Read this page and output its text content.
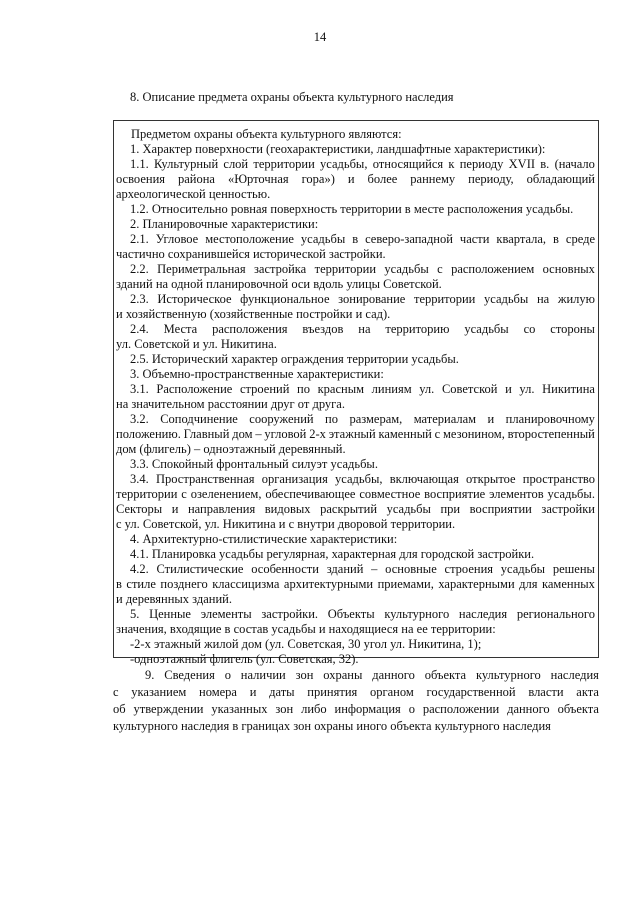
14
8. Описание предмета охраны объекта культурного наследия
Предметом охраны объекта культурного являются:
1. Характер поверхности (геохарактеристики, ландшафтные характеристики):
1.1. Культурный слой территории усадьбы, относящийся к периоду XVII в. (начало
освоения района «Юрточная гора») и более раннему периоду, обладающий
археологической ценностью.
1.2. Относительно ровная поверхность территории в месте расположения усадьбы.
2. Планировочные характеристики:
2.1. Угловое местоположение усадьбы в северо-западной части квартала, в среде
частично сохранившейся исторической застройки.
2.2. Периметральная застройка территории усадьбы с расположением основных
зданий на одной планировочной оси вдоль улицы Советской.
2.3. Историческое функциональное зонирование территории усадьбы на жилую
и хозяйственную (хозяйственные постройки и сад).
2.4. Места расположения въездов на территорию усадьбы со стороны
ул. Советской и ул. Никитина.
2.5. Исторический характер ограждения территории усадьбы.
3. Объемно-пространственные характеристики:
3.1. Расположение строений по красным линиям ул. Советской и ул. Никитина
на значительном расстоянии друг от друга.
3.2. Соподчинение сооружений по размерам, материалам и планировочному
положению. Главный дом – угловой 2-х этажный каменный с мезонином, второстепенный
дом (флигель) – одноэтажный деревянный.
3.3. Спокойный фронтальный силуэт усадьбы.
3.4. Пространственная организация усадьбы, включающая открытое пространство
территории с озеленением, обеспечивающее совместное восприятие элементов усадьбы.
Секторы и направления видовых раскрытий усадьбы при восприятии застройки
с ул. Советской, ул. Никитина и с внутри дворовой территории.
4. Архитектурно-стилистические характеристики:
4.1. Планировка усадьбы регулярная, характерная для городской застройки.
4.2. Стилистические особенности зданий – основные строения усадьбы решены
в стиле позднего классицизма архитектурными приемами, характерными для каменных
и деревянных зданий.
5. Ценные элементы застройки. Объекты культурного наследия регионального
значения, входящие в состав усадьбы и находящиеся на ее территории:
-2-х этажный жилой дом (ул. Советская, 30 угол ул. Никитина, 1);
-одноэтажный флигель (ул. Советская, 32).
9. Сведения о наличии зон охраны данного объекта культурного наследия
с указанием номера и даты принятия органом государственной власти акта
об утверждении указанных зон либо информация о расположении данного объекта
культурного наследия в границах зон охраны иного объекта культурного наследия
